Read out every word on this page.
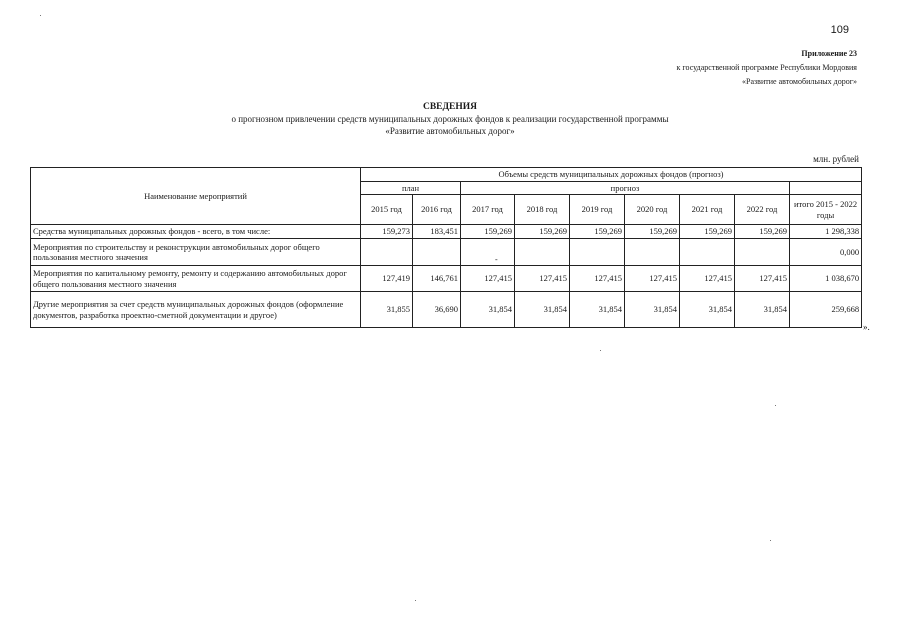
109
Приложение 23
к государственной программе Республики Мордовия
«Развитие автомобильных дорог»
СВЕДЕНИЯ
о прогнозном привлечении средств муниципальных дорожных фондов к реализации государственной программы
«Развитие автомобильных дорог»
млн. рублей
Наименование мероприятий	Объемы средств муниципальных дорожных фондов (прогноз)								
	план		прогноз						
	2015 год	2016 год	2017 год	2018 год	2019 год	2020 год	2021 год	2022 год	итого 2015 - 2022 годы
Средства муниципальных дорожных фондов - всего, в том числе:	159,273	183,451	159,269	159,269	159,269	159,269	159,269	159,269	1 298,338
Мероприятия по строительству и реконструкции автомобильных дорог общего пользования местного значения									0,000
Мероприятия по капитальному ремонту, ремонту и содержанию автомобильных дорог общего пользования местного значения	127,419	146,761	127,415	127,415	127,415	127,415	127,415	127,415	1 038,670
Другие мероприятия за счет средств муниципальных дорожных фондов (оформление документов, разработка проектно-сметной документации и другое)	31,855	36,690	31,854	31,854	31,854	31,854	31,854	31,854	259,668
-
».
